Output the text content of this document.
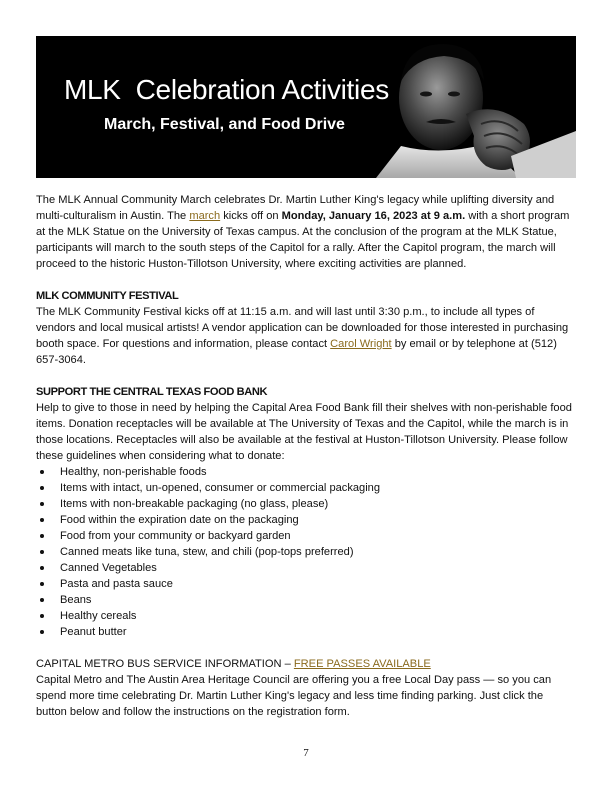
MLK  Celebration Activities
March, Festival, and Food Drive

The MLK Annual Community March celebrates Dr. Martin Luther King's legacy while uplifting diversity and multi-culturalism in Austin. The march kicks off on Monday, January 16, 2023 at 9 a.m. with a short program at the MLK Statue on the University of Texas campus. At the conclusion of the program at the MLK Statue, participants will march to the south steps of the Capitol for a rally. After the Capitol program, the march will proceed to the historic Huston-Tillotson University, where exciting activities are planned.

MLK COMMUNITY FESTIVAL

The MLK Community Festival kicks off at 11:15 a.m. and will last until 3:30 p.m., to include all types of vendors and local musical artists! A vendor application can be downloaded for those interested in purchasing booth space. For questions and information, please contact Carol Wright by email or by telephone at (512) 657-3064.

SUPPORT THE CENTRAL TEXAS FOOD BANK

Help to give to those in need by helping the Capital Area Food Bank fill their shelves with non-perishable food items. Donation receptacles will be available at The University of Texas and the Capitol, while the march is in those locations. Receptacles will also be available at the festival at Huston-Tillotson University. Please follow these guidelines when considering what to donate:

Healthy, non-perishable foods
Items with intact, un-opened, consumer or commercial packaging
Items with non-breakable packaging (no glass, please)
Food within the expiration date on the packaging
Food from your community or backyard garden
Canned meats like tuna, stew, and chili (pop-tops preferred)
Canned Vegetables
Pasta and pasta sauce
Beans
Healthy cereals
Peanut butter

CAPITAL METRO BUS SERVICE INFORMATION – FREE PASSES AVAILABLE

Capital Metro and The Austin Area Heritage Council are offering you a free Local Day pass — so you can spend more time celebrating Dr. Martin Luther King's legacy and less time finding parking. Just click the button below and follow the instructions on the registration form.

7
